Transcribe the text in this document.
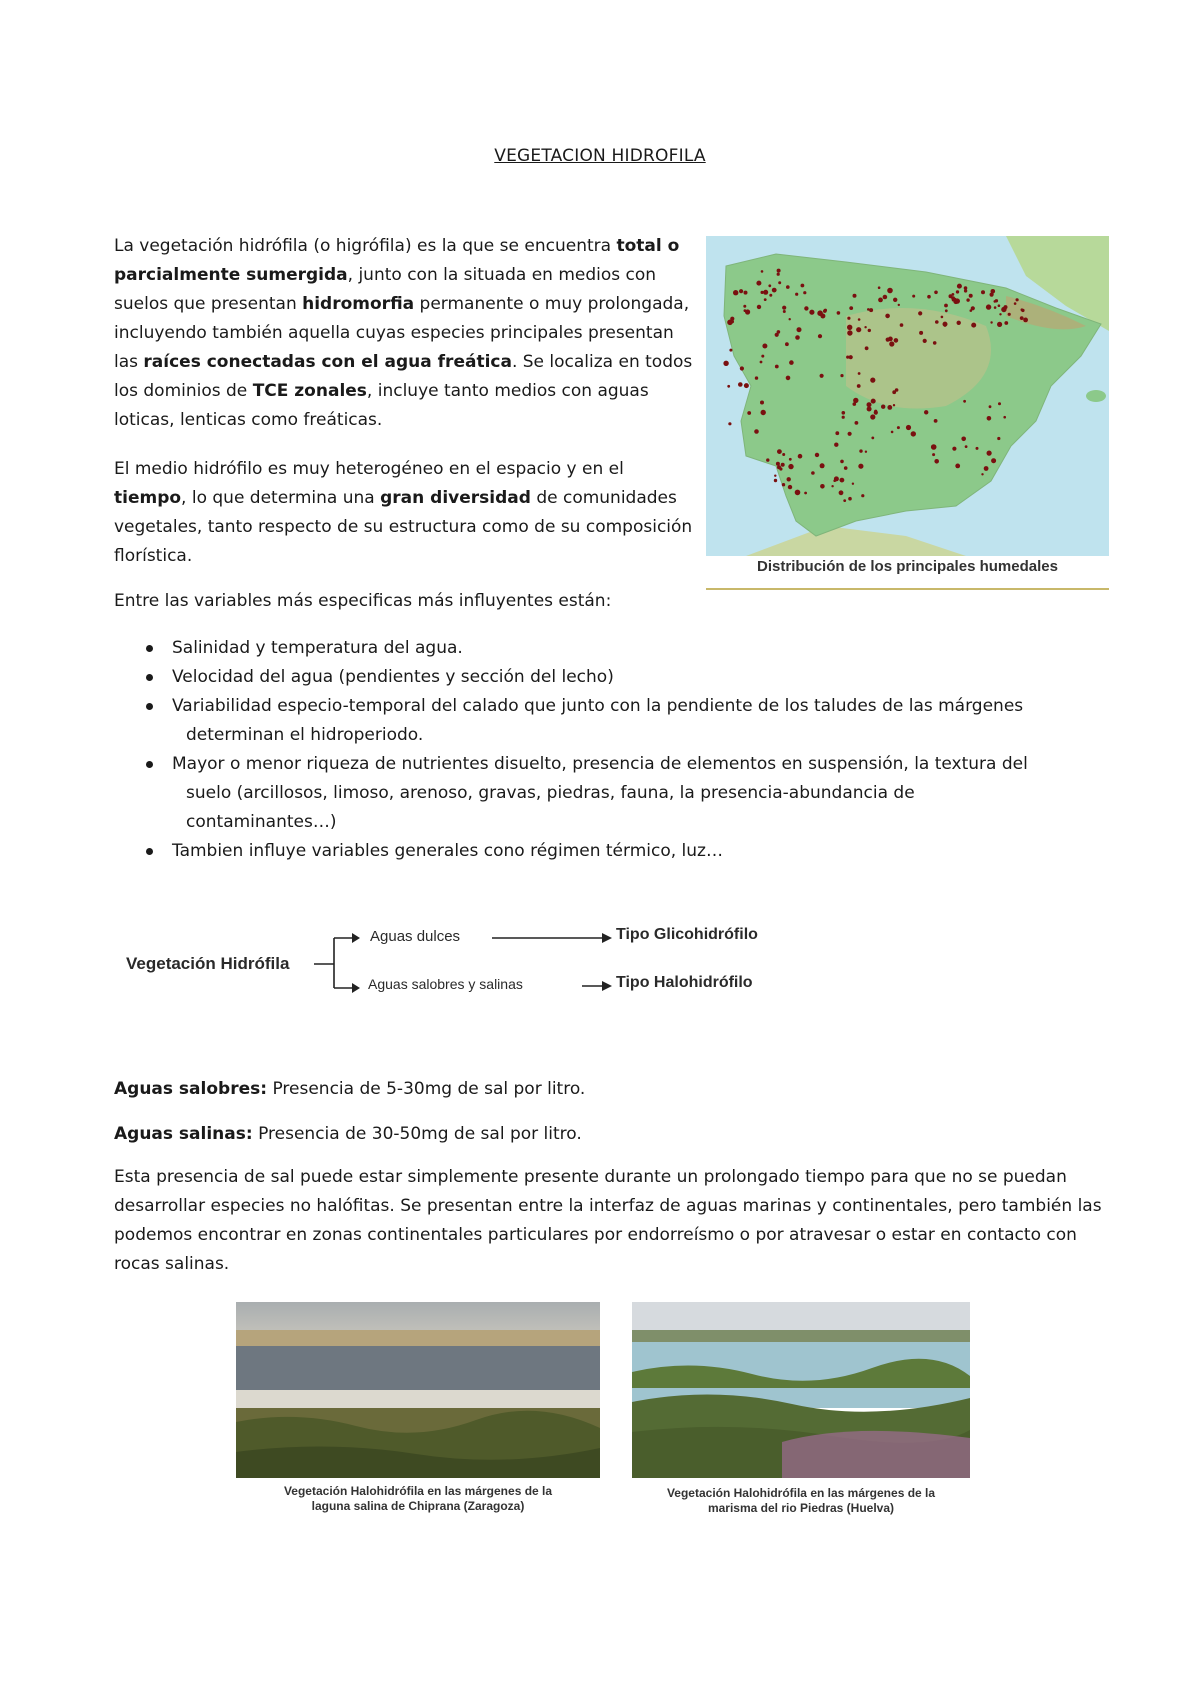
VEGETACION HIDROFILA

La vegetación hidrófila (o higrófila) es la que se encuentra total o parcialmente sumergida, junto con la situada en medios con suelos que presentan hidromorfia permanente o muy prolongada, incluyendo también aquella cuyas especies principales presentan las raíces conectadas con el agua freática. Se localiza en todos los dominios de TCE zonales, incluye tanto medios con aguas loticas, lenticas como freáticas.

El medio hidrófilo es muy heterogéneo en el espacio y en el tiempo, lo que determina una gran diversidad de comunidades vegetales, tanto respecto de su estructura como de su composición florística.

Entre las variables más especificas más influyentes están:

Salinidad y temperatura del agua.
Velocidad del agua (pendientes y sección del lecho)
Variabilidad especio-temporal del calado que junto con la pendiente de los taludes de las márgenes
determinan el hidroperiodo.
Mayor o menor riqueza de nutrientes disuelto, presencia de elementos en suspensión, la textura del
suelo (arcillosos, limoso, arenoso, gravas, piedras, fauna, la presencia-abundancia de
contaminantes…)
Tambien influye variables generales cono régimen térmico, luz…
Distribución de los principales humedales
Vegetación Hidrófila
Aguas dulces
Aguas salobres y salinas
Tipo Glicohidrófilo
Tipo Halohidrófilo

Aguas salobres: Presencia de 5-30mg de sal por litro.

Aguas salinas: Presencia de 30-50mg de sal por litro.

Esta presencia de sal puede estar simplemente presente durante un prolongado tiempo para que no se puedan desarrollar especies no halófitas. Se presentan entre la interfaz de aguas marinas y continentales, pero también las podemos encontrar en zonas continentales particulares por endorreísmo o por atravesar o estar en contacto con rocas salinas.

Vegetación Halohidrófila en las márgenes de la
laguna salina de Chiprana (Zaragoza)
Vegetación Halohidrófila en las márgenes de la
marisma del rio Piedras (Huelva)
